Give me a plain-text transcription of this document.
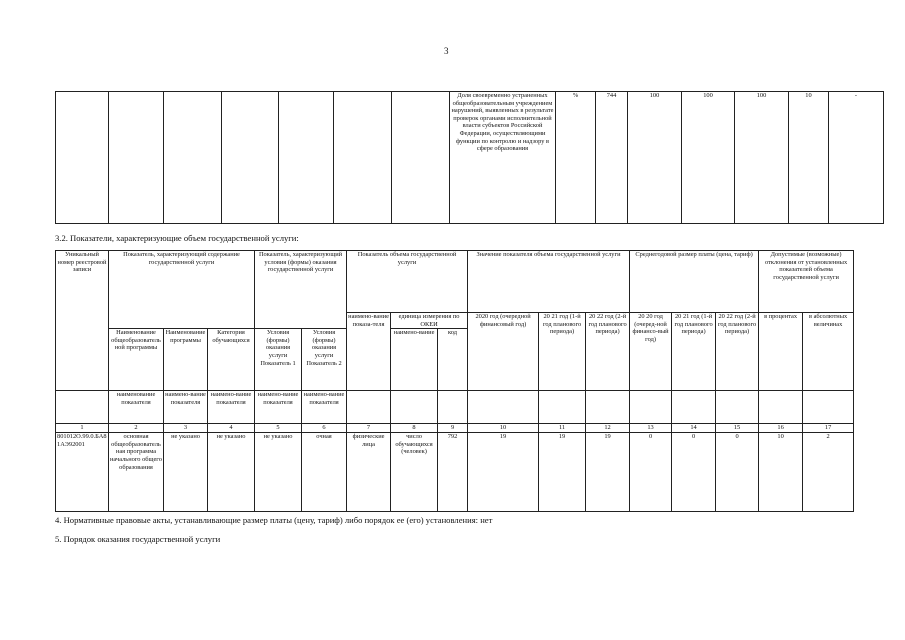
3
							Доля своевременно устраненных общеобразовательным учреждением нарушений, выявленных в результате проверок органами исполнительной власти субъектов Российской Федерации, осуществляющими функции по контролю и надзору в сфере образования	%	744	100	100	100	10	-
3.2. Показатели, характеризующие объем государственной услуги:
Уникальный номер реестровой записи	Показатель, характеризующий содержание государственной услуги			Показатель, характеризующий условия (формы) оказания государственной услуги		Показатель объема государственной услуги			Значение показателя объема государственной услуги			Среднегодовой размер платы (цена, тариф)			Допустимые (возможные) отклонения от установленных показателей объема государственной услуги	
						наимено-вание показа-теля	единица измерения по ОКЕИ		2020 год (очередной финансовый год)	20 21 год (1-й год планового периода)	20 22 год (2-й год планового периода)	20 20 год (очеред-ной финансо-вый год)	20 21 год (1-й год планового периода)	20 22 год (2-й год планового периода)	в процентах	в абсолютных величинах
	Наименование общеобразовательной программы	Наименование программы	Категория обучающихся	Условия (формы) оказания услуги Показатель 1	Условия (формы) оказания услуги Показатель 2		наимено-вание	код								
	наименование показателя	наимено-вание показателя	наимено-вание показателя	наимено-вание показателя	наимено-вание показателя											
1	2	3	4	5	6	7	8	9	10	11	12	13	14	15	16	17
801012О.99.0.БА81АЭ92001	основная общеобразовательная программа начального общего образования	не указано	не указано	не указано	очная	физические лица	число обучающихся (человек)	792	19	19	19	0	0	0	10	2
4. Нормативные правовые акты, устанавливающие размер платы (цену, тариф) либо порядок ее (его) установления: нет
5. Порядок оказания государственной услуги
